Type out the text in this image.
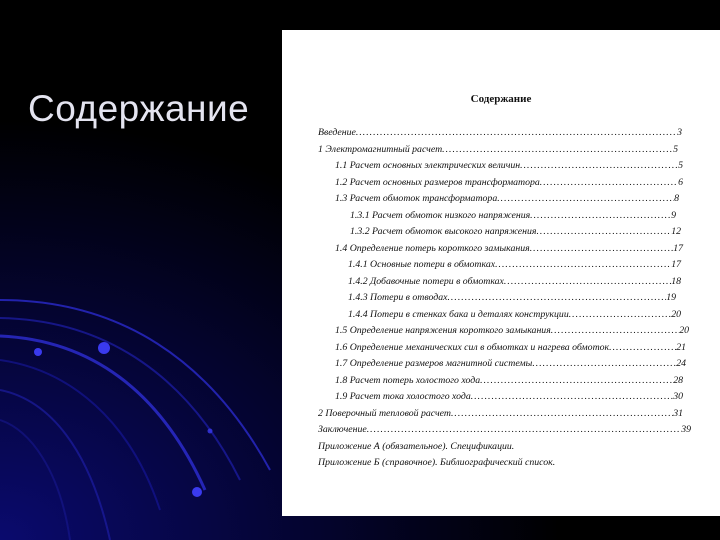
Содержание	Содержание
Введение .....	3
1 Электромагнитный расчет .....	5
1.1 Расчет основных электрических величин .....	5
1.2 Расчет основных размеров трансформатора .....	6
1.3 Расчет обмоток трансформатора .....	8
1.3.1 Расчет обмоток низкого напряжения .....	9
1.3.2 Расчет обмоток высокого напряжения .....	12
1.4 Определение потерь короткого замыкания .....	17
1.4.1 Основные потери в обмотках .....	17
1.4.2 Добавочные потери в обмотках .....	18
1.4.3 Потери в отводах .....	19
1.4.4 Потери в стенках бака и деталях конструкции .....	20
1.5 Определение напряжения короткого замыкания .....	20
1.6 Определение механических сил в обмотках и нагрева обмоток .....	21
1.7 Определение размеров магнитной системы .....	24
1.8 Расчет потерь холостого хода .....	28
1.9 Расчет тока холостого хода .....	30
2 Поверочный тепловой расчет .....	31
Заключение .....	39
Приложение А (обязательное). Спецификации.
Приложение Б (справочное). Библиографический список.
